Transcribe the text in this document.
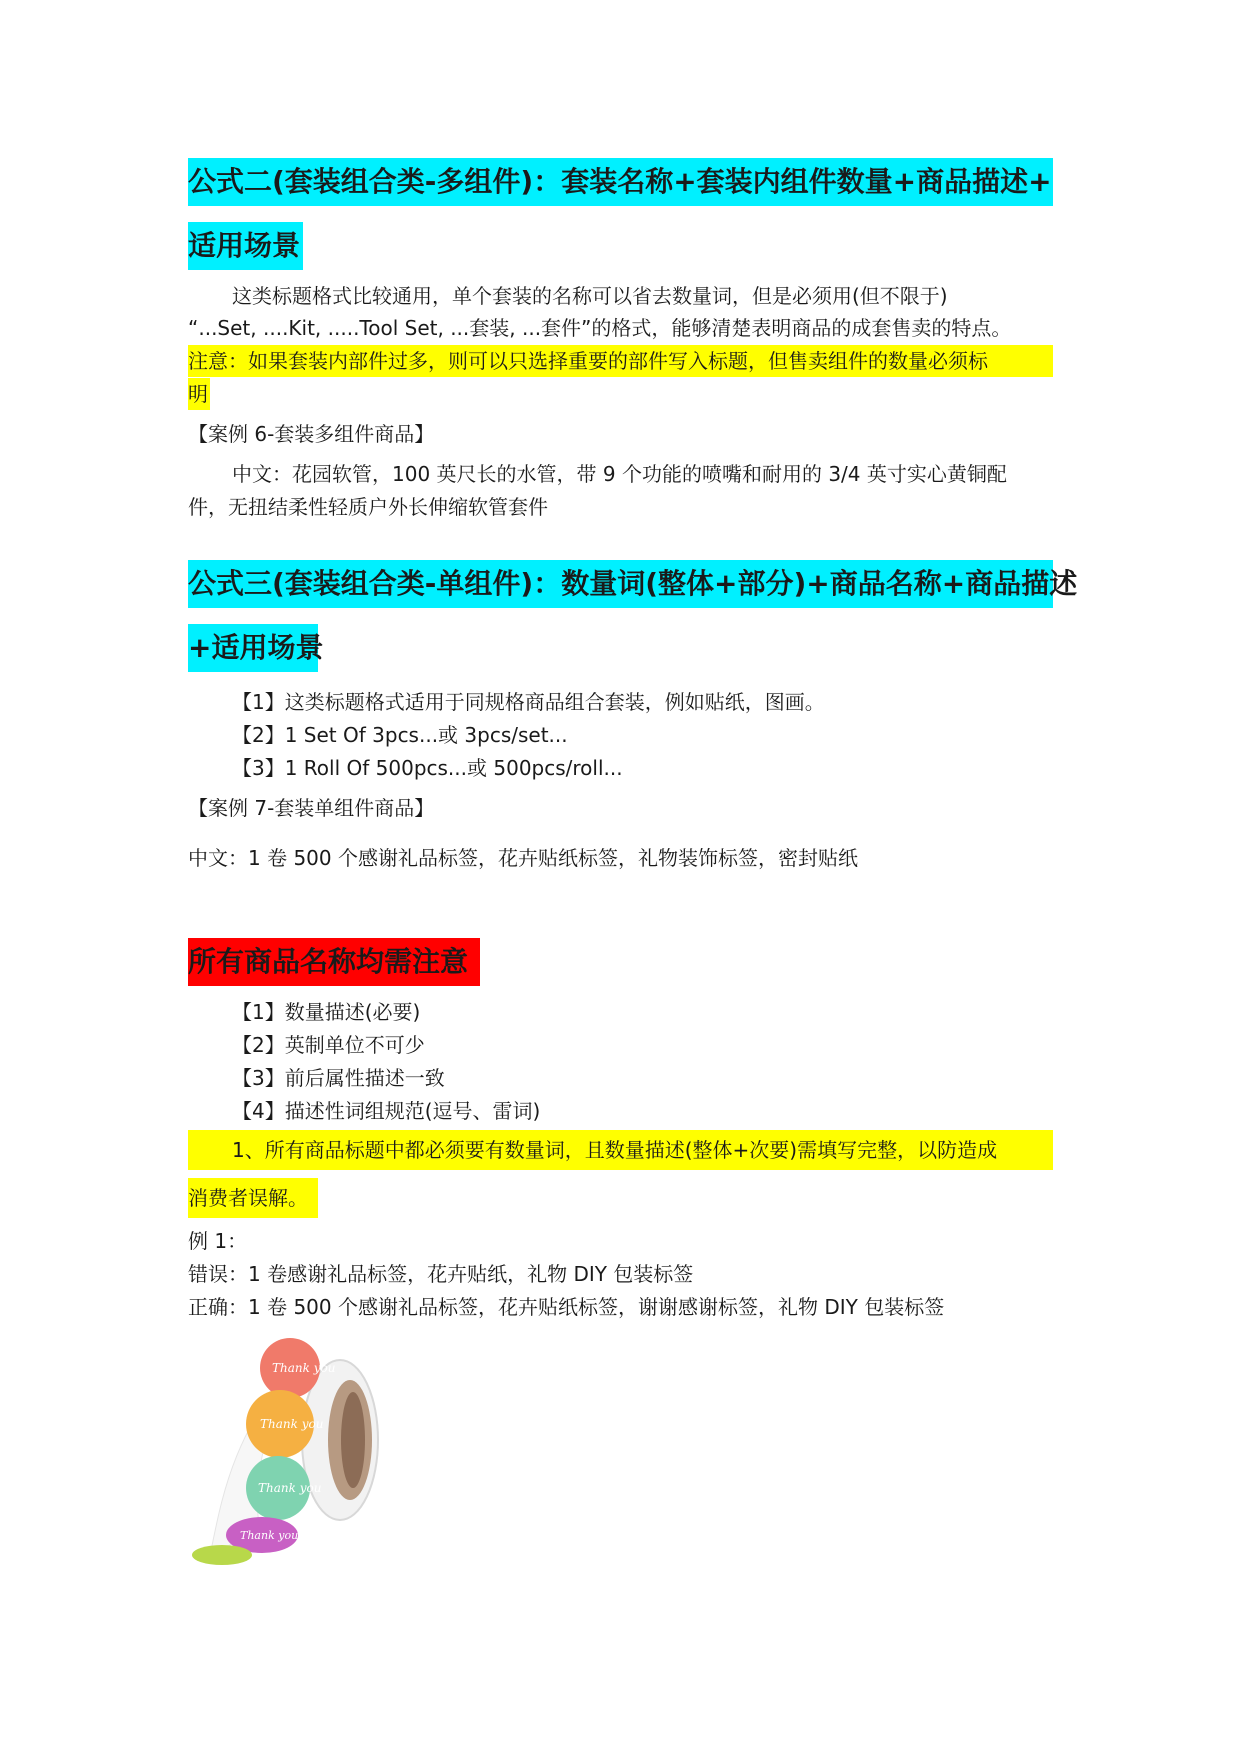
公式二(套装组合类-多组件)：套装名称+套装内组件数量+商品描述+
适用场景
这类标题格式比较通用，单个套装的名称可以省去数量词，但是必须用(但不限于)
“...Set, ....Kit, .....Tool Set, ...套装, ...套件”的格式，能够清楚表明商品的成套售卖的特点。
注意：如果套装内部件过多，则可以只选择重要的部件写入标题，但售卖组件的数量必须标
明
【案例 6-套装多组件商品】
中文：花园软管，100 英尺长的水管，带 9 个功能的喷嘴和耐用的 3/4 英寸实心黄铜配
件，无扭结柔性轻质户外长伸缩软管套件
公式三(套装组合类-单组件)：数量词(整体+部分)+商品名称+商品描述
+适用场景
【1】这类标题格式适用于同规格商品组合套装，例如贴纸，图画。
【2】1 Set Of 3pcs...或 3pcs/set...
【3】1 Roll Of 500pcs...或 500pcs/roll...
【案例 7-套装单组件商品】
中文：1 卷 500 个感谢礼品标签，花卉贴纸标签，礼物装饰标签，密封贴纸
所有商品名称均需注意
【1】数量描述(必要)
【2】英制单位不可少
【3】前后属性描述一致
【4】描述性词组规范(逗号、雷词)
1、所有商品标题中都必须要有数量词，且数量描述(整体+次要)需填写完整，以防造成
消费者误解。
例 1：
错误：1 卷感谢礼品标签，花卉贴纸，礼物 DIY 包装标签
正确：1 卷 500 个感谢礼品标签，花卉贴纸标签，谢谢感谢标签，礼物 DIY 包装标签
Thank you
Thank you
Thank you
Thank you
